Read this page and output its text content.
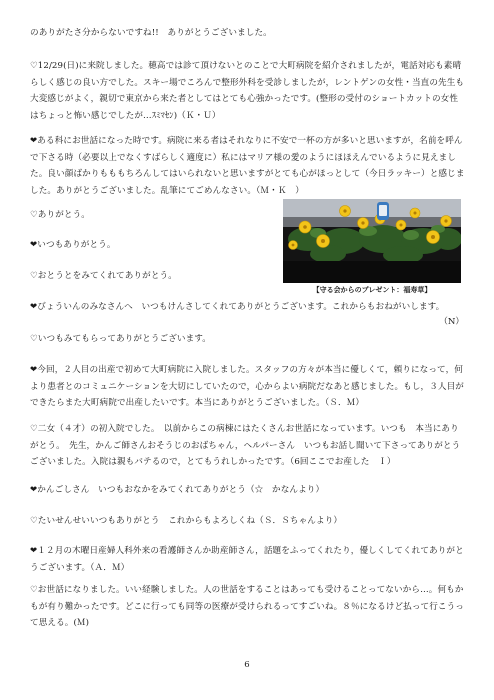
のありがたさ分からないですね!!　ありがとうございました。

♡12/29(日)に来院しました。穂高では診て頂けないとのことで大町病院を紹介されましたが，電話対応も素晴らしく感じの良い方でした。スキー場でころんで整形外科を受診しましたが，レントゲンの女性・当直の先生も大変感じがよく，親切で東京から来た者としてはとても心強かったです。(整形の受付のショートカットの女性はちょっと怖い感じでしたが…ｽﾐﾏｾﾝ)（Ｋ・Ｕ）

❤ある科にお世話になった時です。病院に来る者はそれなりに不安で一杯の方が多いと思いますが，名前を呼んで下さる時（必要以上でなくすばらしく適度に）私にはマリア様の愛のようにほほえんでいるように見えました。良い顔ばかりもももちろんしてはいられないと思いますがとても心がほっとして（今日ラッキー）と感じました。ありがとうございました。乱筆にてごめんなさい。（Ｍ・Ｋ　）

♡ありがとう。

❤いつもありがとう。

♡おとうとをみてくれてありがとう。

【守る会からのプレゼント：福寿草】

❤びょういんのみなさんへ　いつもけんさしてくれてありがとうございます。これからもおねがいします。

（N）

♡いつもみてもらってありがとうございます。

❤今回，２人目の出産で初めて大町病院に入院しました。スタッフの方々が本当に優しくて，頼りになって，何より患者とのコミュニケーションを大切にしていたので，心からよい病院だなあと感じました。もし，３人目ができたらまた大町病院で出産したいです。本当にありがとうございました。（Ｓ．Ｍ）

♡二女（４才）の初入院でした。　以前からこの病棟にはたくさんお世話になっています。いつも　本当にありがとう。　先生，かんご師さんおそうじのおばちゃん，ヘルパーさん　いつもお話し聞いて下さってありがとうございました。入院は親もバテるので，とてもうれしかったです。（6回ここでお産した　Ｉ）

❤かんごしさん　いつもおなかをみてくれてありがとう（☆　かなんより）

♡たいせんせいいつもありがとう　これからもよろしくね（Ｓ．Ｓちゃんより）

❤１２月の木曜日産婦人科外来の看護師さんか助産師さん，話題をふってくれたり，優しくしてくれてありがとうございます。（Ａ．Ｍ）

♡お世話になりました。いい経験しました。人の世話をすることはあっても受けることってないから…。何もかもが有り難かったです。どこに行っても同等の医療が受けられるってすごいね。８％になるけど払って行こうって思える。(Ｍ)

6
